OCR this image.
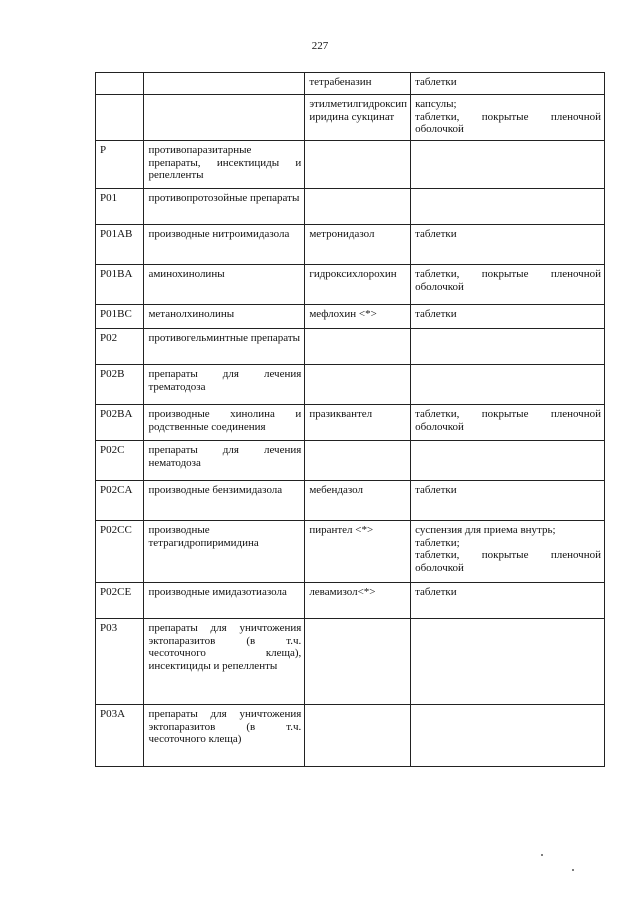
227
		тетрабеназин	таблетки
		этилметилгидроксипиридина сукцинат	капсулы;
таблетки, покрытые пленочной оболочкой
P	противопаразитарные препараты, инсектициды и репелленты		
P01	противопротозойные препараты		
P01AB	производные нитроимидазола	метронидазол	таблетки
P01BA	аминохинолины	гидроксихлорохин	таблетки, покрытые пленочной оболочкой
P01BC	метанолхинолины	мефлохин <*>	таблетки
P02	противогельминтные препараты		
P02B	препараты для лечения трематодоза		
P02BA	производные хинолина и родственные соединения	празиквантел	таблетки, покрытые пленочной оболочкой
P02C	препараты для лечения нематодоза		
P02CA	производные бензимидазола	мебендазол	таблетки
P02CC	производные тетрагидропиримидина	пирантел <*>	суспензия для приема внутрь;
таблетки;
таблетки, покрытые пленочной оболочкой
P02CE	производные имидазотиазола	левамизол<*>	таблетки
P03	препараты для уничтожения эктопаразитов (в т.ч. чесоточного клеща), инсектициды и репелленты		
P03A	препараты для уничтожения эктопаразитов (в т.ч. чесоточного клеща)		
